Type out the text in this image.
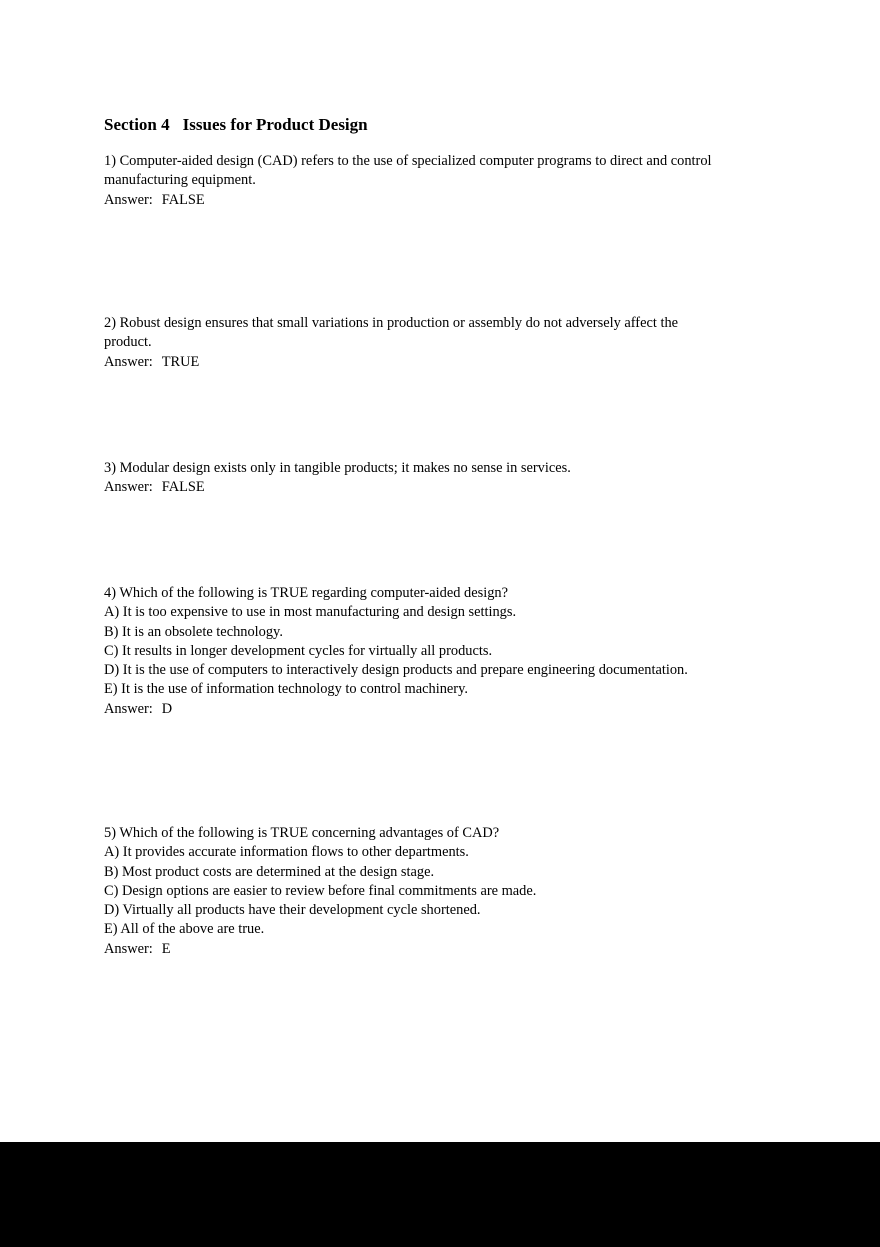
Section 4 Issues for Product Design

1) Computer-aided design (CAD) refers to the use of specialized computer programs to direct and control

manufacturing equipment.

Answer: FALSE

2) Robust design ensures that small variations in production or assembly do not adversely affect the

product.

Answer: TRUE

3) Modular design exists only in tangible products; it makes no sense in services.

Answer: FALSE

4) Which of the following is TRUE regarding computer-aided design?

A) It is too expensive to use in most manufacturing and design settings.

B) It is an obsolete technology.

C) It results in longer development cycles for virtually all products.

D) It is the use of computers to interactively design products and prepare engineering documentation.

E) It is the use of information technology to control machinery.

Answer: D

5) Which of the following is TRUE concerning advantages of CAD?

A) It provides accurate information flows to other departments.

B) Most product costs are determined at the design stage.

C) Design options are easier to review before final commitments are made.

D) Virtually all products have their development cycle shortened.

E) All of the above are true.

Answer: E
